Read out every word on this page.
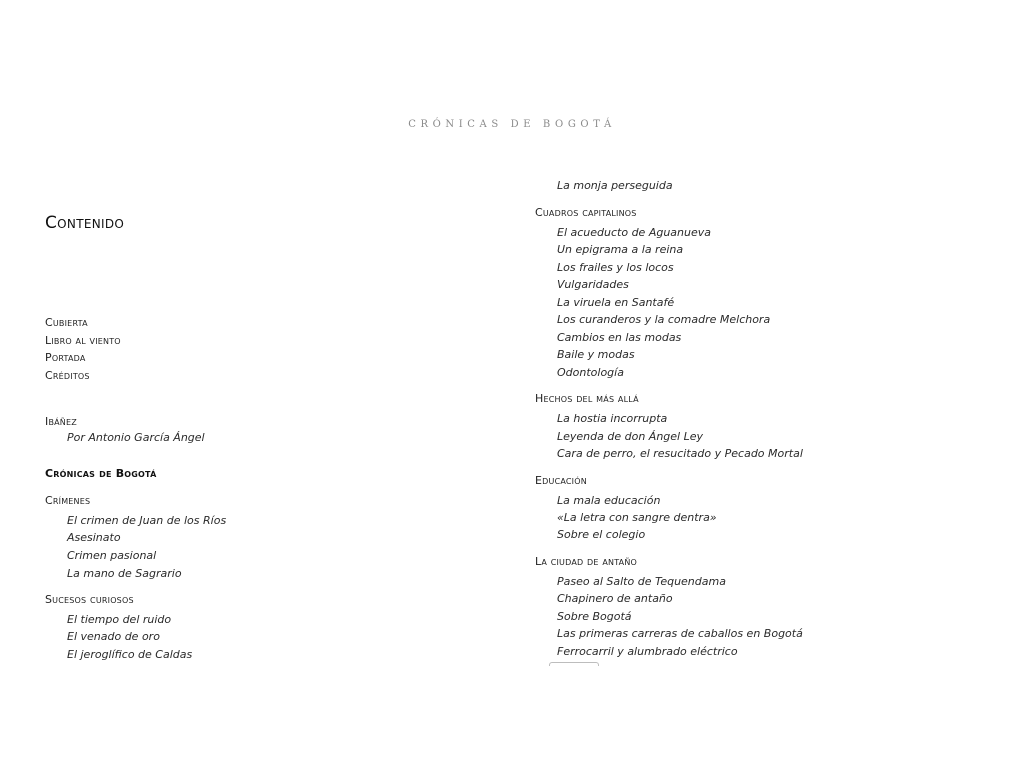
CRÓNICAS DE BOGOTÁ
Contenido
Cubierta
Libro al viento
Portada
Créditos
Ibáñez
Por Antonio García Ángel
Crónicas de Bogotá
Crímenes
El crimen de Juan de los Ríos
Asesinato
Crimen pasional
La mano de Sagrario
Sucesos curiosos
El tiempo del ruido
El venado de oro
El jeroglífico de Caldas
La monja perseguida
Cuadros capitalinos
El acueducto de Aguanueva
Un epigrama a la reina
Los frailes y los locos
Vulgaridades
La viruela en Santafé
Los curanderos y la comadre Melchora
Cambios en las modas
Baile y modas
Odontología
Hechos del más allá
La hostia incorrupta
Leyenda de don Ángel Ley
Cara de perro, el resucitado y Pecado Mortal
Educación
La mala educación
«La letra con sangre dentra»
Sobre el colegio
La ciudad de antaño
Paseo al Salto de Tequendama
Chapinero de antaño
Sobre Bogotá
Las primeras carreras de caballos en Bogotá
Ferrocarril y alumbrado eléctrico
